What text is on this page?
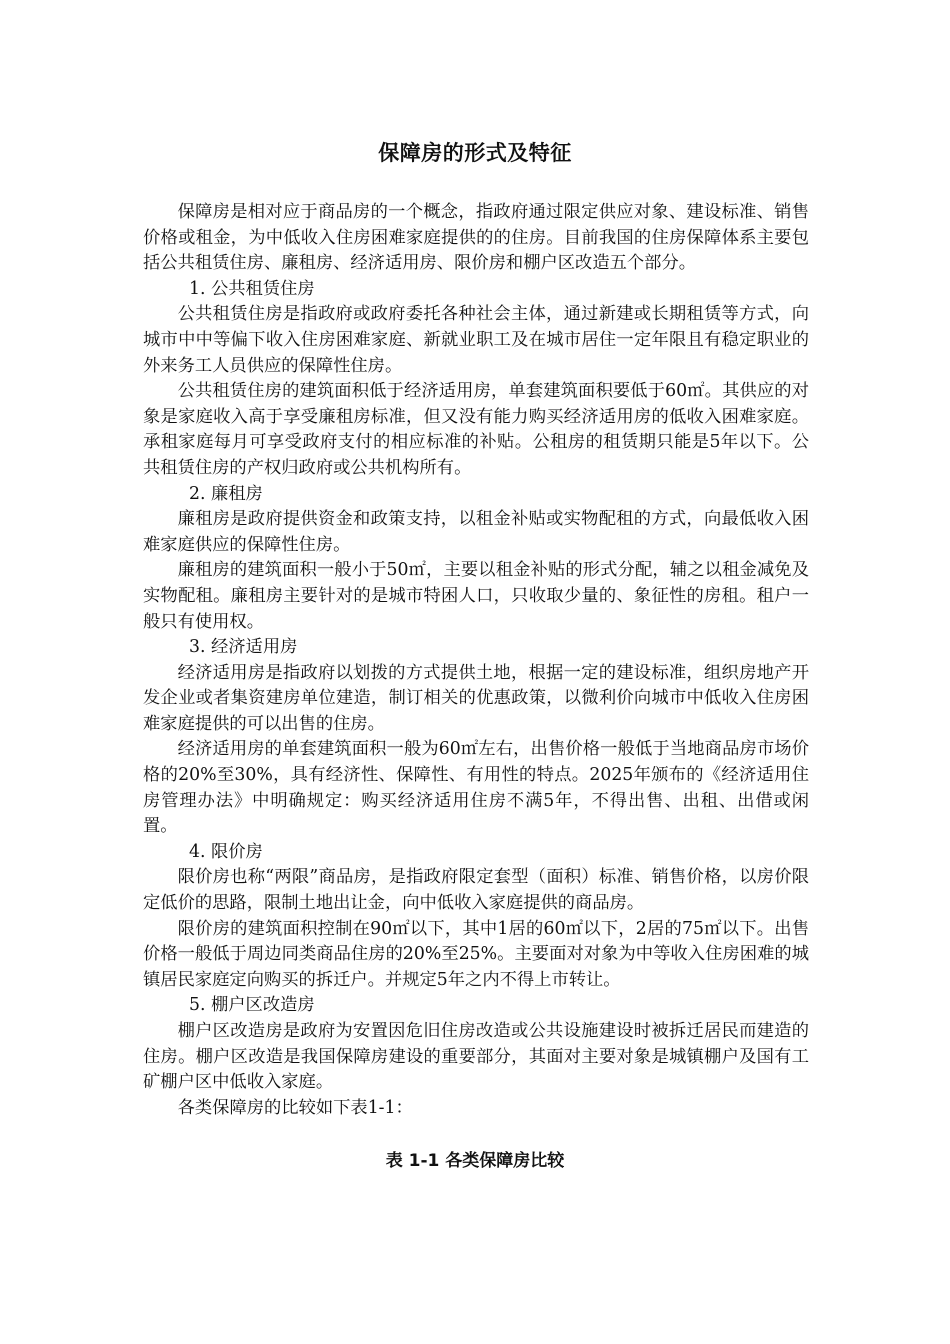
保障房的形式及特征

保障房是相对应于商品房的一个概念，指政府通过限定供应对象、建设标准、销售价格或租金，为中低收入住房困难家庭提供的的住房。目前我国的住房保障体系主要包括公共租赁住房、廉租房、经济适用房、限价房和棚户区改造五个部分。

1. 公共租赁住房

公共租赁住房是指政府或政府委托各种社会主体，通过新建或长期租赁等方式，向城市中中等偏下收入住房困难家庭、新就业职工及在城市居住一定年限且有稳定职业的外来务工人员供应的保障性住房。

公共租赁住房的建筑面积低于经济适用房，单套建筑面积要低于60㎡。其供应的对象是家庭收入高于享受廉租房标准，但又没有能力购买经济适用房的低收入困难家庭。承租家庭每月可享受政府支付的相应标准的补贴。公租房的租赁期只能是5年以下。公共租赁住房的产权归政府或公共机构所有。

2. 廉租房

廉租房是政府提供资金和政策支持，以租金补贴或实物配租的方式，向最低收入困难家庭供应的保障性住房。

廉租房的建筑面积一般小于50㎡，主要以租金补贴的形式分配，辅之以租金减免及实物配租。廉租房主要针对的是城市特困人口，只收取少量的、象征性的房租。租户一般只有使用权。

3. 经济适用房

经济适用房是指政府以划拨的方式提供土地，根据一定的建设标准，组织房地产开发企业或者集资建房单位建造，制订相关的优惠政策，以微利价向城市中低收入住房困难家庭提供的可以出售的住房。

经济适用房的单套建筑面积一般为60㎡左右，出售价格一般低于当地商品房市场价格的20%至30%，具有经济性、保障性、有用性的特点。2025年颁布的《经济适用住房管理办法》中明确规定：购买经济适用住房不满5年，不得出售、出租、出借或闲置。

4. 限价房

限价房也称“两限”商品房，是指政府限定套型（面积）标准、销售价格，以房价限定低价的思路，限制土地出让金，向中低收入家庭提供的商品房。

限价房的建筑面积控制在90㎡以下，其中1居的60㎡以下，2居的75㎡以下。出售价格一般低于周边同类商品住房的20%至25%。主要面对对象为中等收入住房困难的城镇居民家庭定向购买的拆迁户。并规定5年之内不得上市转让。

5. 棚户区改造房

棚户区改造房是政府为安置因危旧住房改造或公共设施建设时被拆迁居民而建造的住房。棚户区改造是我国保障房建设的重要部分，其面对主要对象是城镇棚户及国有工矿棚户区中低收入家庭。

各类保障房的比较如下表1-1：

表 1-1 各类保障房比较
